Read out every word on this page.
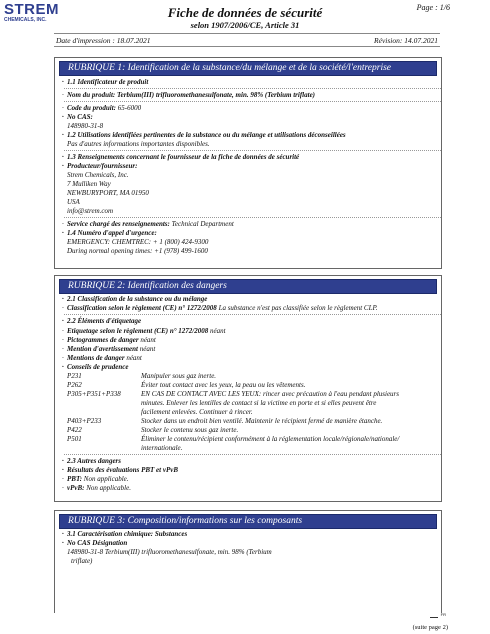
STREM
CHEMICALS, INC.	Fiche de données de sécurité
selon 1907/2006/CE, Article 31
Page : 1/6
Date d'impression : 18.07.2021	Révision: 14.07.2021
RUBRIQUE 1: Identification de la substance/du mélange et de la société/l'entreprise
· 1.1 Identificateur de produit
· Nom du produit: Terbium(III) trifluoromethanesulfonate, min. 98% (Terbium triflate)
· Code du produit: 65-6000
· No CAS:
148980-31-8
· 1.2 Utilisations identifiées pertinentes de la substance ou du mélange et utilisations déconseillées
Pas d'autres informations importantes disponibles.
· 1.3 Renseignements concernant le fournisseur de la fiche de données de sécurité
· Producteur/fournisseur:
Strem Chemicals, Inc.
7 Mulliken Way
NEWBURYPORT, MA 01950
USA
info@strem.com
· Service chargé des renseignements: Technical Department
· 1.4 Numéro d'appel d'urgence:
EMERGENCY: CHEMTREC: + 1 (800) 424-9300
During normal opening times: +1 (978) 499-1600
RUBRIQUE 2: Identification des dangers
· 2.1 Classification de la substance ou du mélange
· Classification selon le règlement (CE) n° 1272/2008 La substance n'est pas classifiée selon le règlement CLP.
· 2.2 Éléments d'étiquetage
· Etiquetage selon le règlement (CE) n° 1272/2008 néant
· Pictogrammes de danger néant
· Mention d'avertissement néant
· Mentions de danger néant
· Conseils de prudence
P231	Manipuler sous gaz inerte.
P262	Éviter tout contact avec les yeux, la peau ou les vêtements.
P305+P351+P338	EN CAS DE CONTACT AVEC LES YEUX: rincer avec précaution à l'eau pendant plusieurs
minutes. Enlever les lentilles de contact si la victime en porte et si elles peuvent être
facilement enlevées. Continuer à rincer.
P403+P233	Stocker dans un endroit bien ventilé. Maintenir le récipient fermé de manière étanche.
P422	Stocker le contenu sous gaz inerte.
P501	Éliminer le contenu/récipient conformément à la réglementation locale/régionale/nationale/
internationale.
· 2.3 Autres dangers
· Résultats des évaluations PBT et vPvB
· PBT: Non applicable.
· vPvB: Non applicable.
RUBRIQUE 3: Composition/informations sur les composants
· 3.1 Caractérisation chimique: Substances
· No CAS Désignation
148980-31-8 Terbium(III) trifluoromethanesulfonate, min. 98% (Terbium
triflate)
FR
(suite page 2)
